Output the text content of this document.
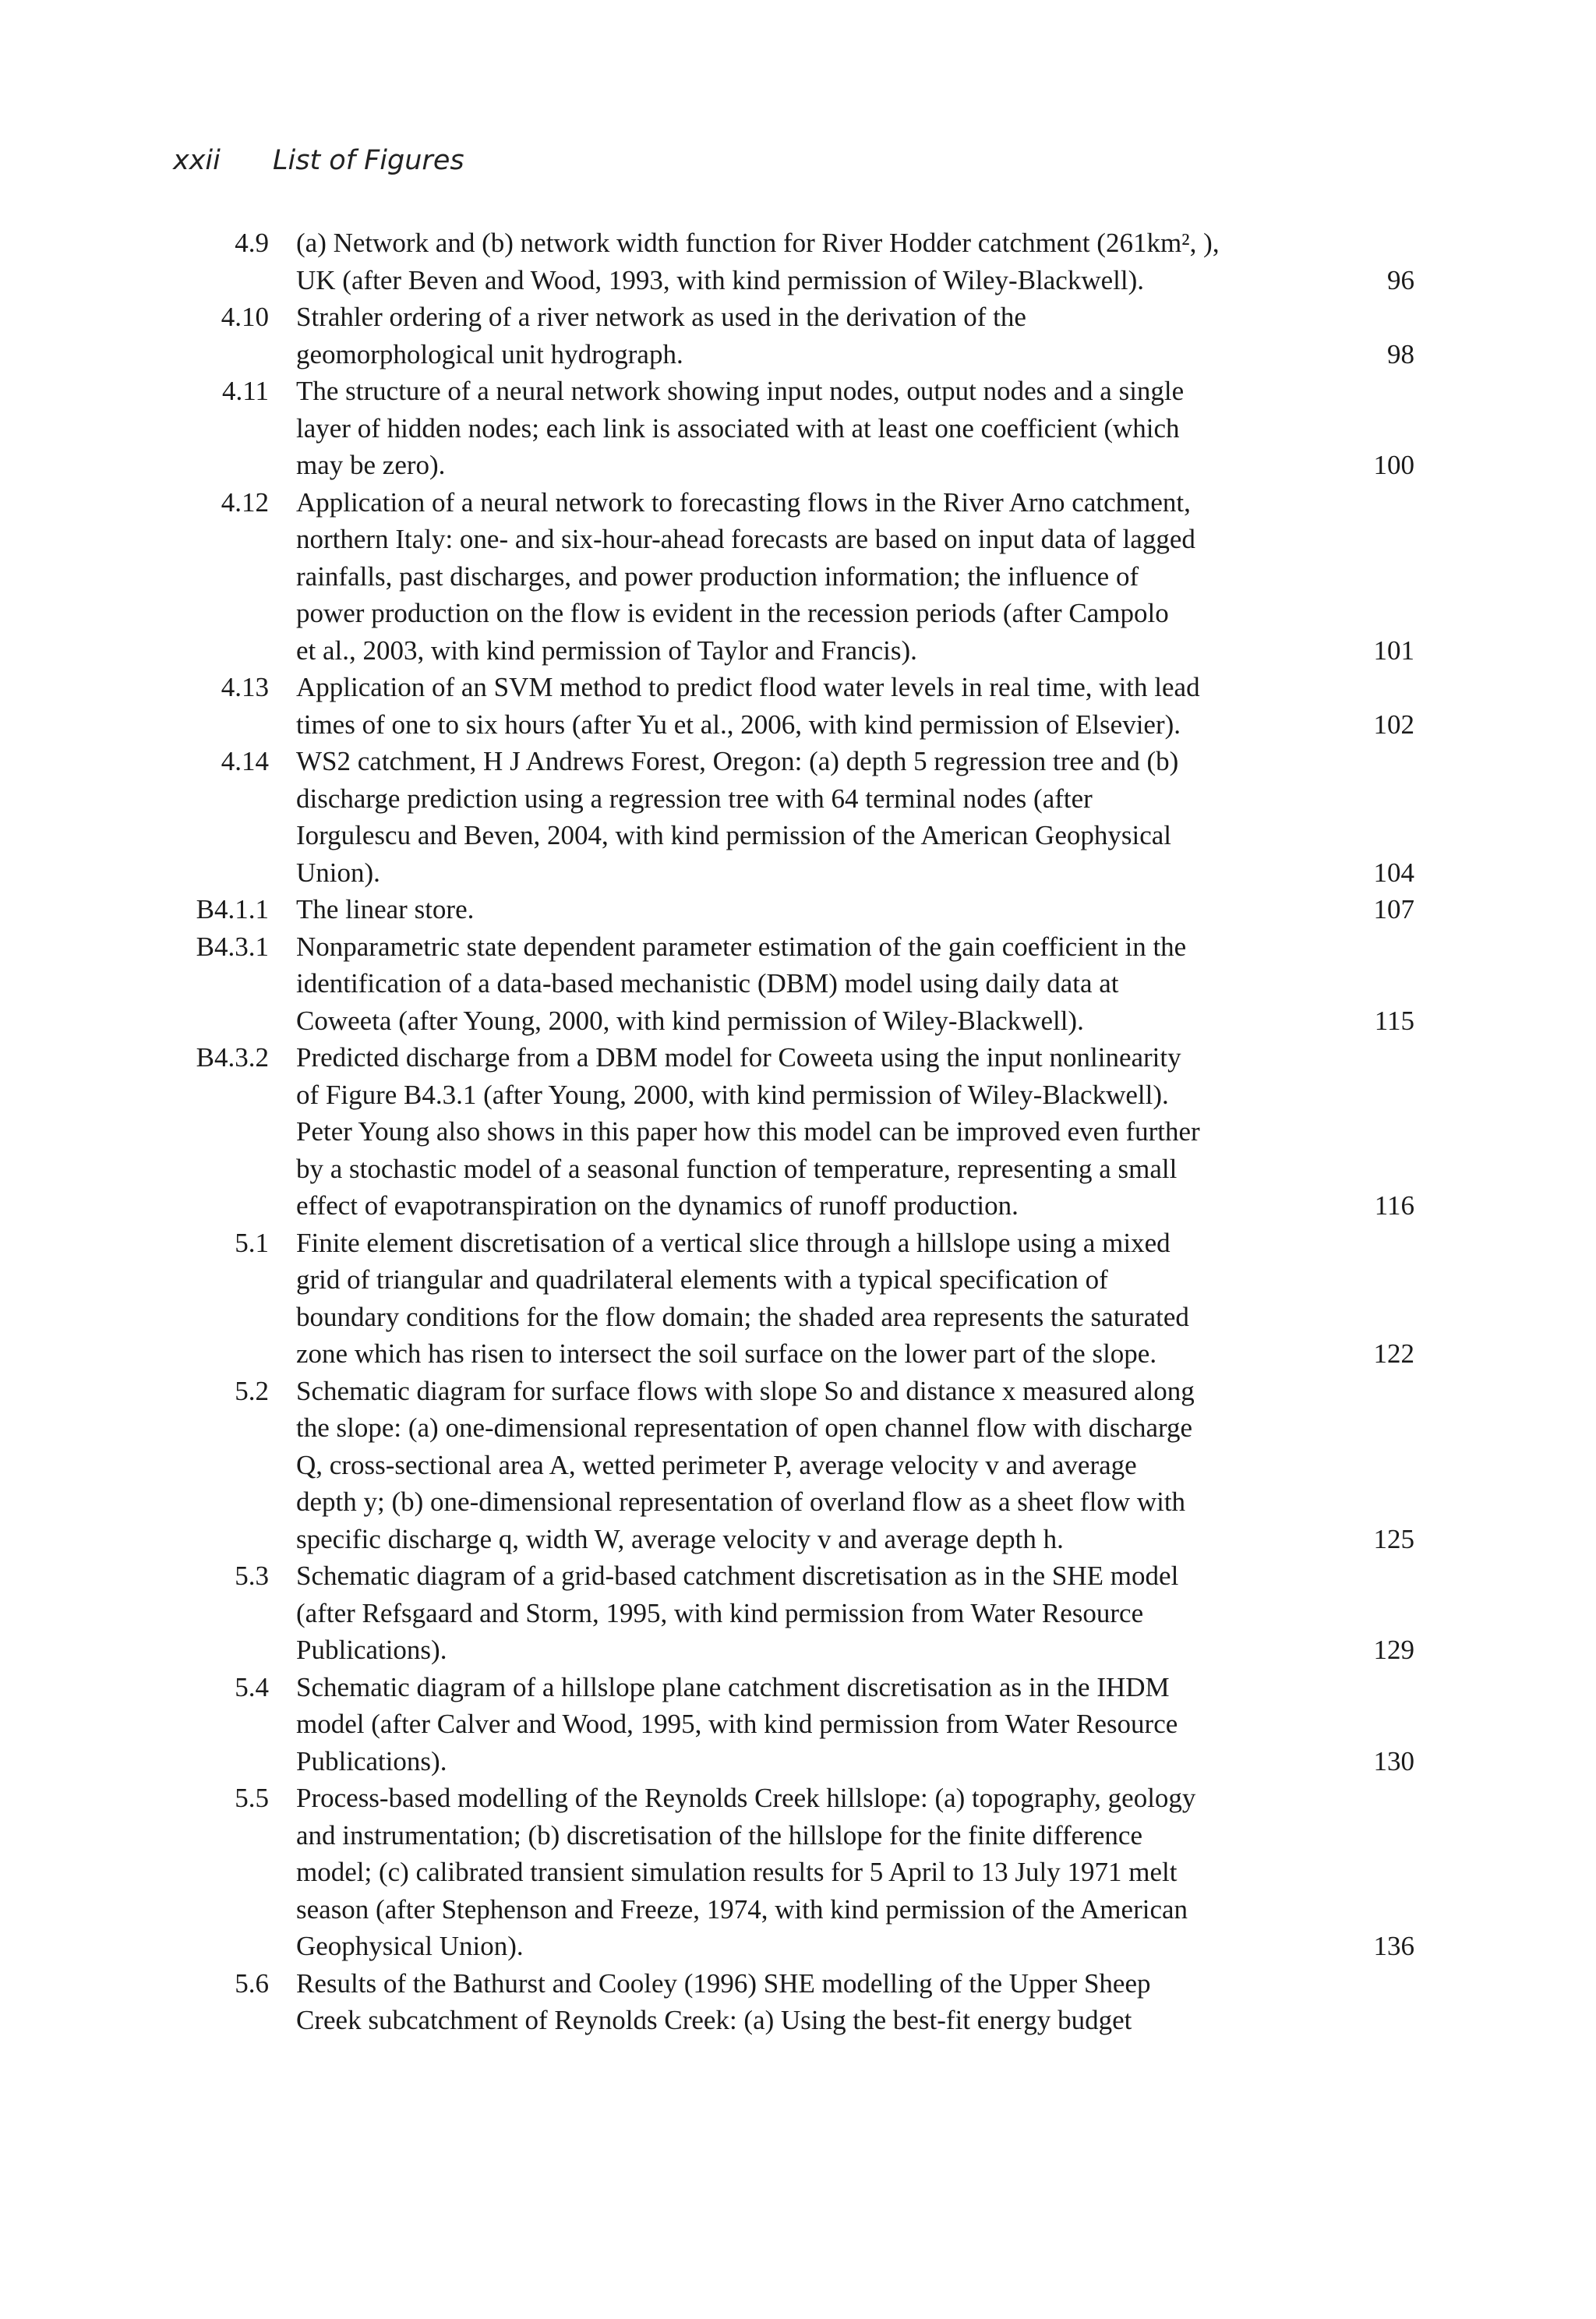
xxii List of Figures
4.9 (a) Network and (b) network width function for River Hodder catchment (261km², ),
UK (after Beven and Wood, 1993, with kind permission of Wiley-Blackwell).	96
4.10 Strahler ordering of a river network as used in the derivation of the
geomorphological unit hydrograph.	98
4.11 The structure of a neural network showing input nodes, output nodes and a single
layer of hidden nodes; each link is associated with at least one coefficient (which
may be zero).	100
4.12 Application of a neural network to forecasting flows in the River Arno catchment,
northern Italy: one- and six-hour-ahead forecasts are based on input data of lagged
rainfalls, past discharges, and power production information; the influence of
power production on the flow is evident in the recession periods (after Campolo
et al., 2003, with kind permission of Taylor and Francis).	101
4.13 Application of an SVM method to predict flood water levels in real time, with lead
times of one to six hours (after Yu et al., 2006, with kind permission of Elsevier).	102
4.14 WS2 catchment, H J Andrews Forest, Oregon: (a) depth 5 regression tree and (b)
discharge prediction using a regression tree with 64 terminal nodes (after
Iorgulescu and Beven, 2004, with kind permission of the American Geophysical
Union).	104
B4.1.1 The linear store.	107
B4.3.1 Nonparametric state dependent parameter estimation of the gain coefficient in the
identification of a data-based mechanistic (DBM) model using daily data at
Coweeta (after Young, 2000, with kind permission of Wiley-Blackwell).	115
B4.3.2 Predicted discharge from a DBM model for Coweeta using the input nonlinearity
of Figure B4.3.1 (after Young, 2000, with kind permission of Wiley-Blackwell).
Peter Young also shows in this paper how this model can be improved even further
by a stochastic model of a seasonal function of temperature, representing a small
effect of evapotranspiration on the dynamics of runoff production.	116
5.1 Finite element discretisation of a vertical slice through a hillslope using a mixed
grid of triangular and quadrilateral elements with a typical specification of
boundary conditions for the flow domain; the shaded area represents the saturated
zone which has risen to intersect the soil surface on the lower part of the slope.	122
5.2 Schematic diagram for surface flows with slope So and distance x measured along
the slope: (a) one-dimensional representation of open channel flow with discharge
Q, cross-sectional area A, wetted perimeter P, average velocity v and average
depth y; (b) one-dimensional representation of overland flow as a sheet flow with
specific discharge q, width W, average velocity v and average depth h.	125
5.3 Schematic diagram of a grid-based catchment discretisation as in the SHE model
(after Refsgaard and Storm, 1995, with kind permission from Water Resource
Publications).	129
5.4 Schematic diagram of a hillslope plane catchment discretisation as in the IHDM
model (after Calver and Wood, 1995, with kind permission from Water Resource
Publications).	130
5.5 Process-based modelling of the Reynolds Creek hillslope: (a) topography, geology
and instrumentation; (b) discretisation of the hillslope for the finite difference
model; (c) calibrated transient simulation results for 5 April to 13 July 1971 melt
season (after Stephenson and Freeze, 1974, with kind permission of the American
Geophysical Union).	136
5.6 Results of the Bathurst and Cooley (1996) SHE modelling of the Upper Sheep
Creek subcatchment of Reynolds Creek: (a) Using the best-fit energy budget
